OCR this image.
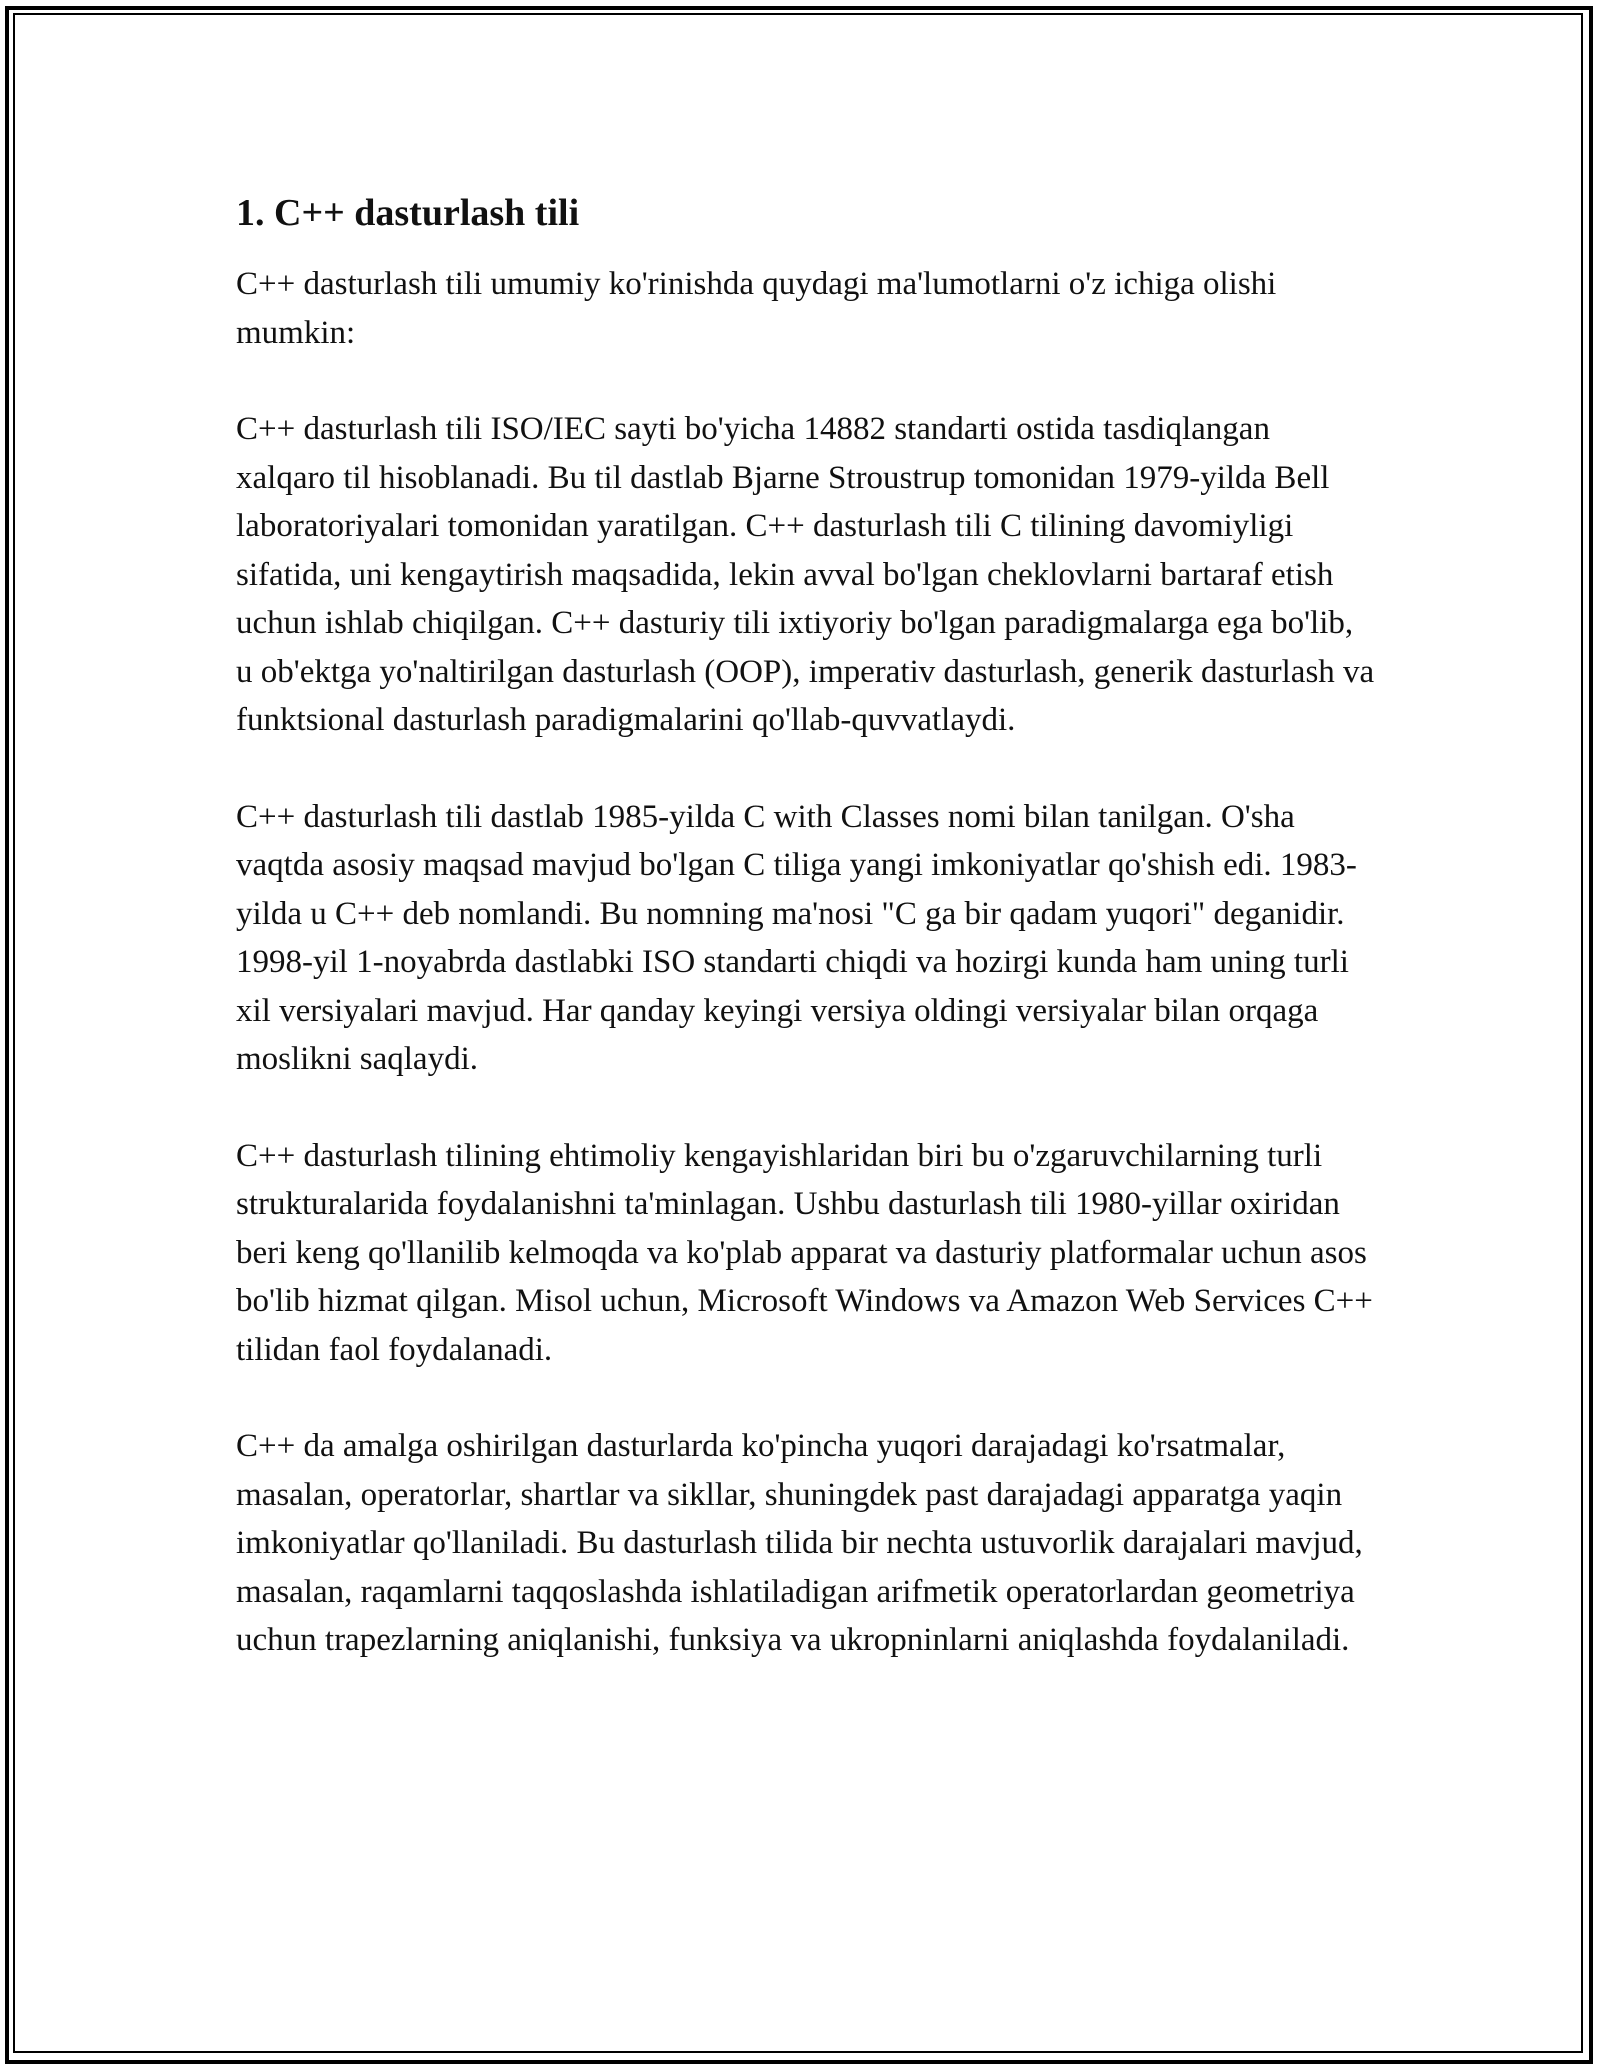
1. C++ dasturlash tili

C++ dasturlash tili umumiy ko'rinishda quydagi ma'lumotlarni o'z ichiga olishi mumkin:

C++ dasturlash tili ISO/IEC sayti bo'yicha 14882 standarti ostida tasdiqlangan xalqaro til hisoblanadi. Bu til dastlab Bjarne Stroustrup tomonidan 1979-yilda Bell laboratoriyalari tomonidan yaratilgan. C++ dasturlash tili C tilining davomiyligi sifatida, uni kengaytirish maqsadida, lekin avval bo'lgan cheklovlarni bartaraf etish uchun ishlab chiqilgan. C++ dasturiy tili ixtiyoriy bo'lgan paradigmalarga ega bo'lib, u ob'ektga yo'naltirilgan dasturlash (OOP), imperativ dasturlash, generik dasturlash va funktsional dasturlash paradigmalarini qo'llab-quvvatlaydi.

C++ dasturlash tili dastlab 1985-yilda C with Classes nomi bilan tanilgan. O'sha vaqtda asosiy maqsad mavjud bo'lgan C tiliga yangi imkoniyatlar qo'shish edi. 1983-yilda u C++ deb nomlandi. Bu nomning ma'nosi "C ga bir qadam yuqori" deganidir. 1998-yil 1-noyabrda dastlabki ISO standarti chiqdi va hozirgi kunda ham uning turli xil versiyalari mavjud. Har qanday keyingi versiya oldingi versiyalar bilan orqaga moslikni saqlaydi.

C++ dasturlash tilining ehtimoliy kengayishlaridan biri bu o'zgaruvchilarning turli strukturalarida foydalanishni ta'minlagan. Ushbu dasturlash tili 1980-yillar oxiridan beri keng qo'llanilib kelmoqda va ko'plab apparat va dasturiy platformalar uchun asos bo'lib hizmat qilgan. Misol uchun, Microsoft Windows va Amazon Web Services C++ tilidan faol foydalanadi.

C++ da amalga oshirilgan dasturlarda ko'pincha yuqori darajadagi ko'rsatmalar, masalan, operatorlar, shartlar va sikllar, shuningdek past darajadagi apparatga yaqin imkoniyatlar qo'llaniladi. Bu dasturlash tilida bir nechta ustuvorlik darajalari mavjud, masalan, raqamlarni taqqoslashda ishlatiladigan arifmetik operatorlardan geometriya uchun trapezlarning aniqlanishi, funksiya va ukropninlarni aniqlashda foydalaniladi.
